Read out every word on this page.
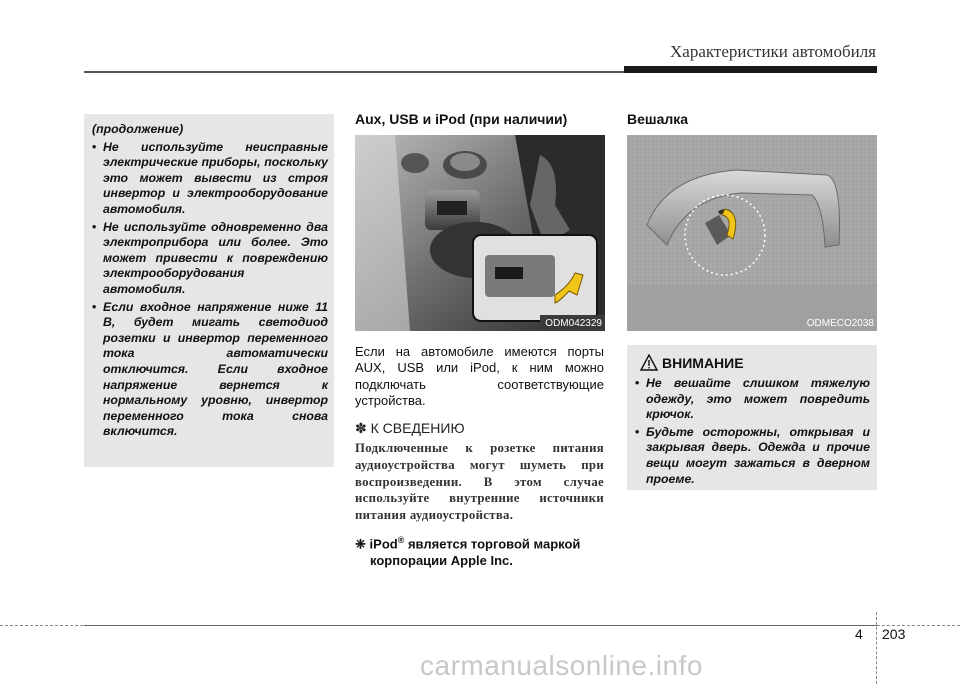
Характеристики автомобиля
(продолжение)
• Не используйте неисправные электрические приборы, поскольку это может вывести из строя инвертор и электрооборудование автомобиля.
• Не используйте одновременно два электроприбора или более. Это может привести к повреждению электрооборудования автомобиля.
• Если входное напряжение ниже 11 В, будет мигать светодиод розетки и инвертор переменного тока автоматически отключится. Если входное напряжение вернется к нормальному уровню, инвертор переменного тока снова включится.
Aux, USB и iPod (при наличии)
ODM042329
Если на автомобиле имеются порты AUX, USB или iPod, к ним можно подключать соответствующие устройства.
✽ К СВЕДЕНИЮ
Подключенные к розетке питания аудиоустройства могут шуметь при воспроизведении. В этом случае используйте внутренние источники питания аудиоустройства.
❈ iPod® является торговой маркой
корпорации Apple Inc.
Вешалка
ODMECO2038
ВНИМАНИЕ
• Не вешайте слишком тяжелую одежду, это может повредить крючок.
• Будьте осторожны, открывая и закрывая дверь. Одежда и прочие вещи могут зажаться в дверном проеме.
4 203
carmanualsonline.info
